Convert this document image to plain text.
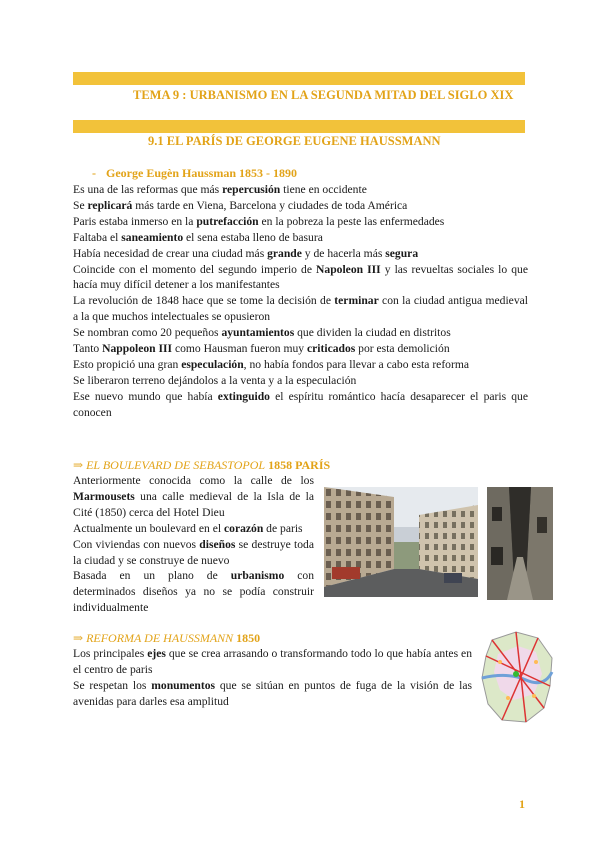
TEMA 9 : URBANISMO EN LA SEGUNDA MITAD DEL SIGLO XIX
9.1 EL PARÍS DE GEORGE EUGENE HAUSSMANN
- George Eugèn Haussman 1853 - 1890

Es una de las reformas que más repercusión tiene en occidente

Se replicará más tarde en Viena, Barcelona y ciudades de toda América

Paris estaba inmerso en la putrefacción en la pobreza la peste las enfermedades

Faltaba el saneamiento el sena estaba lleno de basura

Había necesidad de crear una ciudad más grande y de hacerla más segura

Coincide con el momento del segundo imperio de Napoleon III y las revueltas sociales lo que hacía muy difícil detener a los manifestantes

La revolución de 1848 hace que se tome la decisión de terminar con la ciudad antigua medieval a la que muchos intelectuales se opusieron

Se nombran como 20 pequeños ayuntamientos que dividen la ciudad en distritos

Tanto Nappoleon III como Hausman fueron muy criticados por esta demolición

Esto propició una gran especulación, no había fondos para llevar a cabo esta reforma

Se liberaron terreno dejándolos a la venta y a la especulación

Ese nuevo mundo que había extinguido el espíritu romántico hacía desaparecer el paris que conocen

⇒ EL BOULEVARD DE SEBASTOPOL 1858 PARÍS

Anteriormente conocida como la calle de los Marmousets una calle medieval de la Isla de la Cité (1850) cerca del Hotel Dieu

Actualmente un boulevard en el corazón de paris

Con viviendas con nuevos diseños se destruye toda la ciudad y se construye de nuevo

Basada en un plano de urbanismo con determinados diseños ya no se podía construir individualmente

⇒ REFORMA DE HAUSSMANN 1850

Los principales ejes que se crea arrasando o transformando todo lo que había antes en el centro de paris

Se respetan los monumentos que se sitúan en puntos de fuga de la visión de las avenidas para darles esa amplitud

1
